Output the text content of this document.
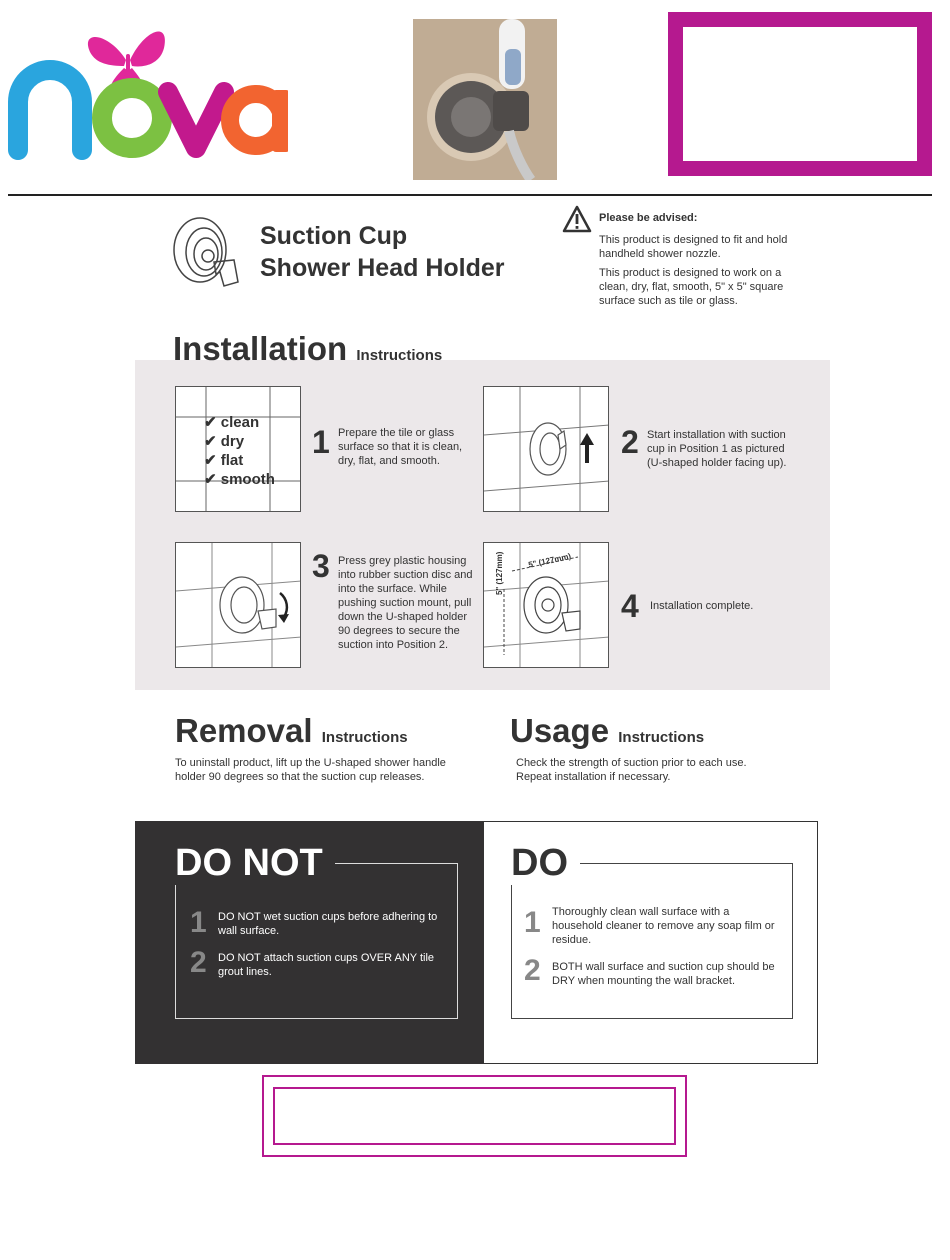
Suction Cup
Shower Head Holder
Please be advised:
This product is designed to fit and hold handheld shower nozzle.
This product is designed to work on a clean, dry, flat, smooth, 5" x 5" square surface such as tile or glass.
Installation Instructions
✔ clean
✔ dry
✔ flat
✔ smooth
1 Prepare the tile or glass surface so that it is clean, dry, flat, and smooth.
2 Start installation with suction cup in Position 1 as pictured (U-shaped holder facing up).
3 Press grey plastic housing into rubber suction disc and into the surface. While pushing suction mount, pull down the U-shaped holder 90 degrees to secure the suction into Position 2.
5" (127mm)	5" (127mm)
4 Installation complete.
Removal Instructions
To uninstall product, lift up the U-shaped shower handle holder 90 degrees so that the suction cup releases.
Usage Instructions
Check the strength of suction prior to each use.
Repeat installation if necessary.
DO NOT	DO
1 DO NOT wet suction cups before adhering to wall surface.
2 DO NOT attach suction cups OVER ANY tile grout lines.
1 Thoroughly clean wall surface with a household cleaner to remove any soap film or residue.
2 BOTH wall surface and suction cup should be DRY when mounting the wall bracket.
